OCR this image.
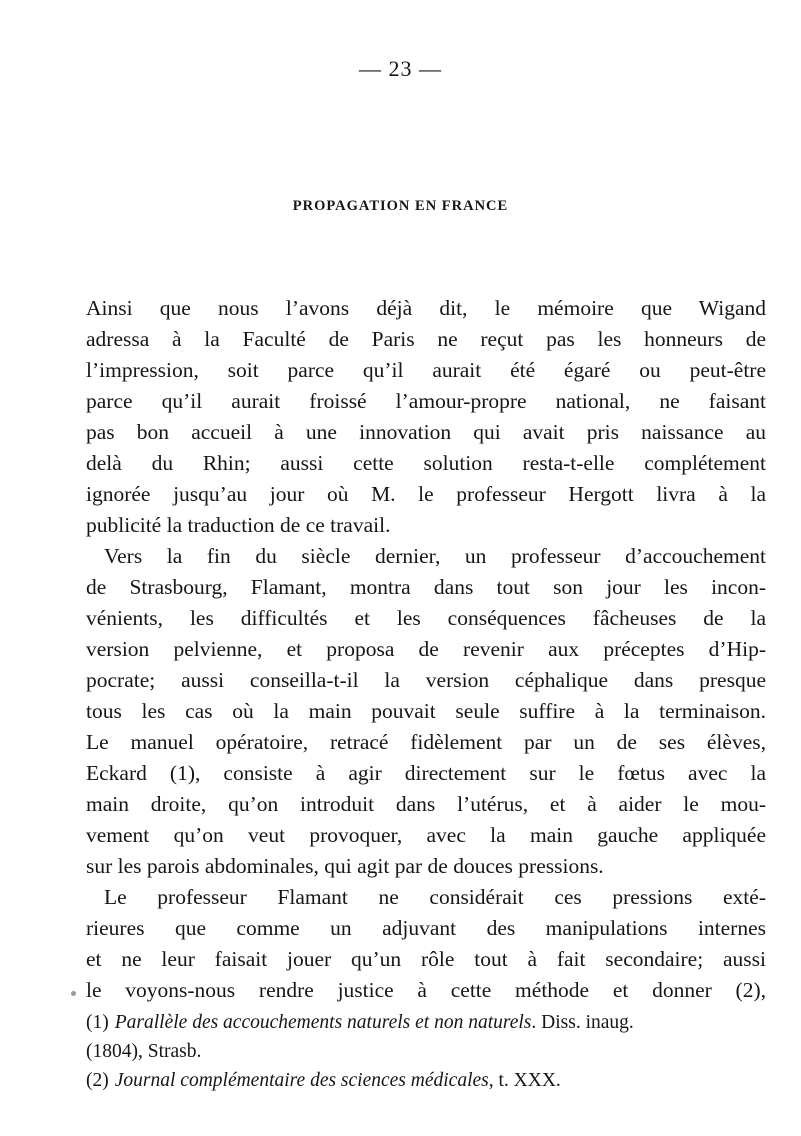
— 23 —
PROPAGATION EN FRANCE
Ainsi que nous l’avons déjà dit, le mémoire que Wigand
adressa à la Faculté de Paris ne reçut pas les honneurs de
l’impression, soit parce qu’il aurait été égaré ou peut-être
parce qu’il aurait froissé l’amour-propre national, ne faisant
pas bon accueil à une innovation qui avait pris naissance au
delà du Rhin; aussi cette solution resta-t-elle complétement
ignorée jusqu’au jour où M. le professeur Hergott livra à la
publicité la traduction de ce travail.
Vers la fin du siècle dernier, un professeur d’accouchement
de Strasbourg, Flamant, montra dans tout son jour les incon-
vénients, les difficultés et les conséquences fâcheuses de la
version pelvienne, et proposa de revenir aux préceptes d’Hip-
pocrate; aussi conseilla-t-il la version céphalique dans presque
tous les cas où la main pouvait seule suffire à la terminaison.
Le manuel opératoire, retracé fidèlement par un de ses élèves,
Eckard (1), consiste à agir directement sur le fœtus avec la
main droite, qu’on introduit dans l’utérus, et à aider le mou-
vement qu’on veut provoquer, avec la main gauche appliquée
sur les parois abdominales, qui agit par de douces pressions.
Le professeur Flamant ne considérait ces pressions exté-
rieures que comme un adjuvant des manipulations internes
et ne leur faisait jouer qu’un rôle tout à fait secondaire; aussi
le voyons-nous rendre justice à cette méthode et donner (2),
(1) Parallèle des accouchements naturels et non naturels. Diss. inaug.
(1804), Strasb.
(2) Journal complémentaire des sciences médicales, t. XXX.
